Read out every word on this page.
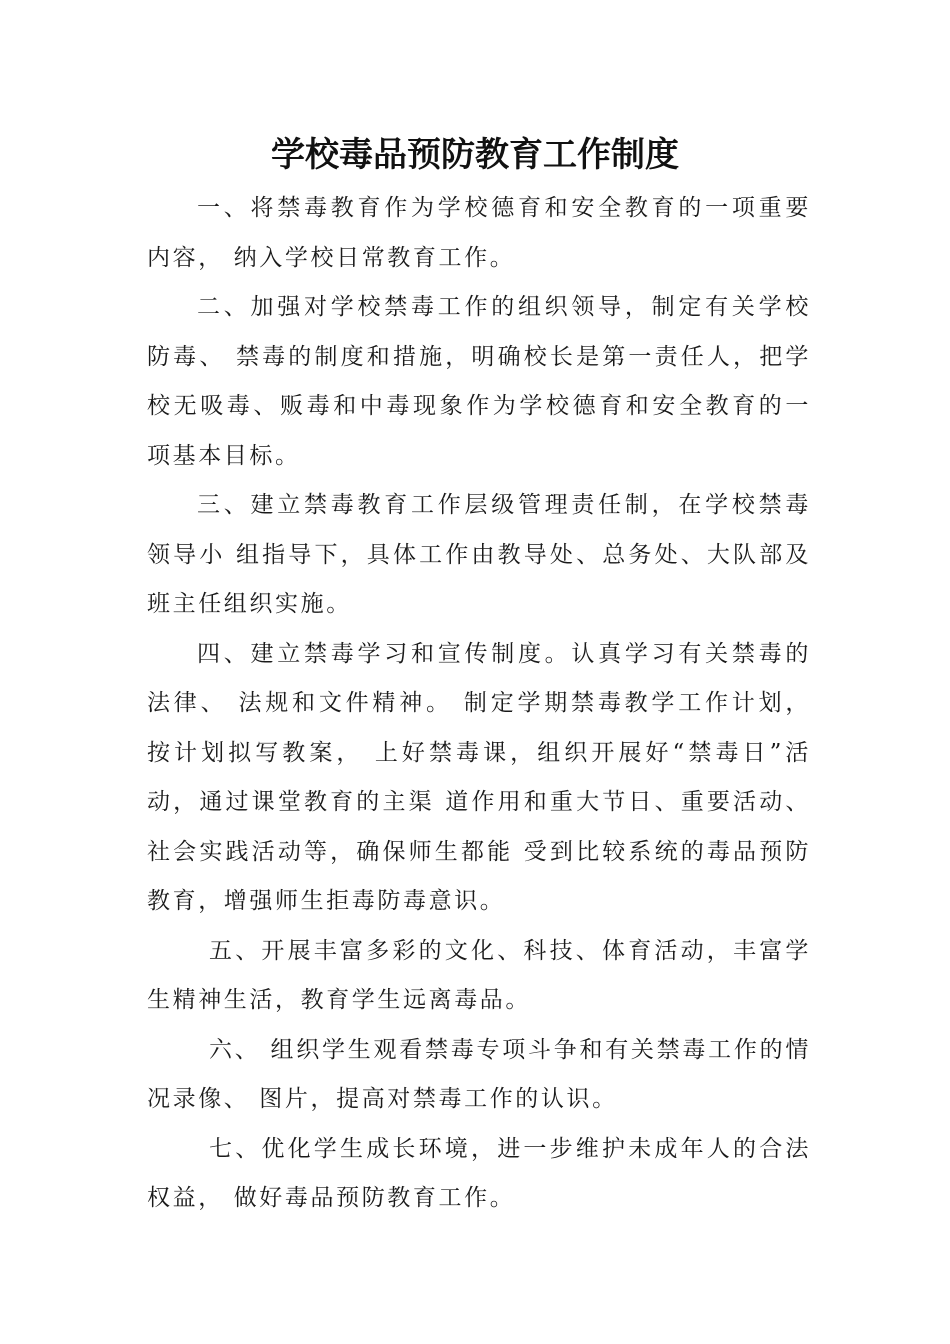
学校毒品预防教育工作制度

一、将禁毒教育作为学校德育和安全教育的一项重要内容， 纳入学校日常教育工作。

二、加强对学校禁毒工作的组织领导，制定有关学校防毒、 禁毒的制度和措施，明确校长是第一责任人，把学校无吸毒、贩毒和中毒现象作为学校德育和安全教育的一项基本目标。

三、建立禁毒教育工作层级管理责任制，在学校禁毒领导小 组指导下，具体工作由教导处、总务处、大队部及班主任组织实施。

四、建立禁毒学习和宣传制度。认真学习有关禁毒的法律、 法规和文件精神。 制定学期禁毒教学工作计划， 按计划拟写教案， 上好禁毒课，组织开展好“禁毒日”活动，通过课堂教育的主渠 道作用和重大节日、重要活动、社会实践活动等，确保师生都能 受到比较系统的毒品预防教育，增强师生拒毒防毒意识。

五、开展丰富多彩的文化、科技、体育活动，丰富学生精神生活，教育学生远离毒品。

六、 组织学生观看禁毒专项斗争和有关禁毒工作的情况录像、 图片，提高对禁毒工作的认识。

七、优化学生成长环境，进一步维护未成年人的合法权益， 做好毒品预防教育工作。
